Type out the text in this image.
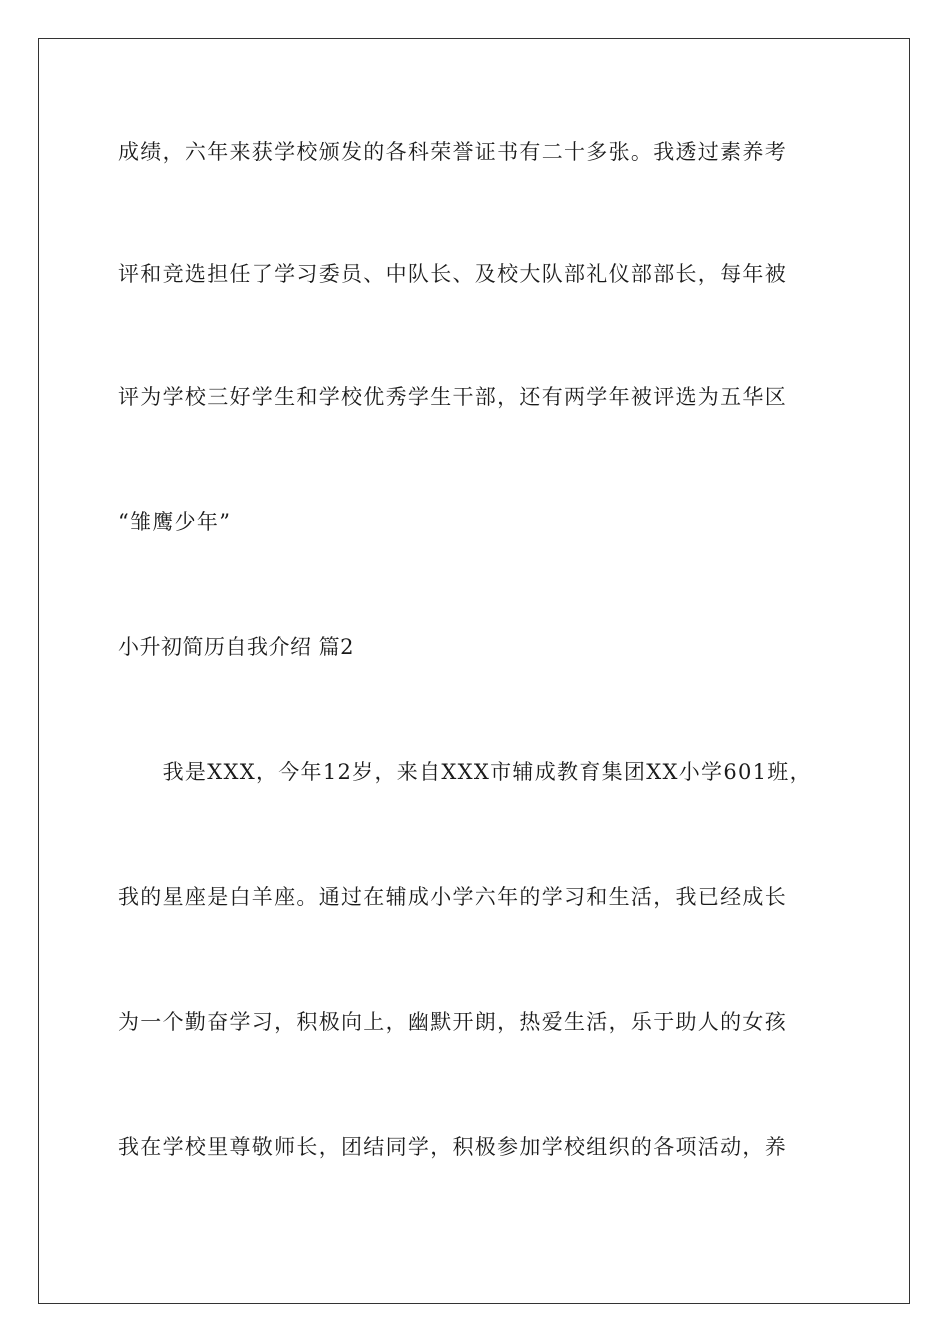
成绩，六年来获学校颁发的各科荣誉证书有二十多张。我透过素养考
评和竞选担任了学习委员、中队长、及校大队部礼仪部部长，每年被
评为学校三好学生和学校优秀学生干部，还有两学年被评选为五华区
“雏鹰少年”
小升初简历自我介绍 篇2
　　我是XXX，今年12岁，来自XXX市辅成教育集团XX小学601班，
我的星座是白羊座。通过在辅成小学六年的学习和生活，我已经成长
为一个勤奋学习，积极向上，幽默开朗，热爱生活，乐于助人的女孩
我在学校里尊敬师长，团结同学，积极参加学校组织的各项活动，养
